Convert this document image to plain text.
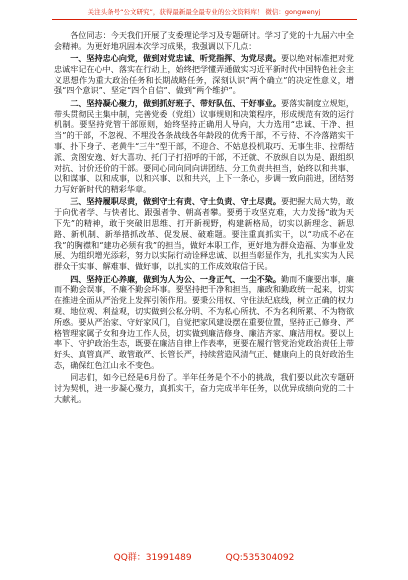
关注头条号“公文研究”，获得最新最全最专业的公文资料库！ 微信：gongwenyj

各位同志：今天我们开展了支委理论学习及专题研讨。学习了党的十九届六中全会精神。为更好地巩固本次学习成果，我强调以下几点：

一、坚持忠心向党，做到对党忠诚、听党指挥、为党尽责。要以绝对标准把对党忠诚牢记在心中、落实在行动上，始终把学懂弄通做实习近平新时代中国特色社会主义思想作为重大政治任务和长期战略任务，深刻认识“两个确立”的决定性意义，增强“四个意识”、坚定“四个自信”、做到“两个维护”。

二、坚持凝心聚力，做到抓好班子、带好队伍、干好事业。要落实制度立规矩，带头贯彻民主集中制，完善党委（党组）议事规则和决策程序，形成规范有效的运行机制。要坚持党管干部原则，始终坚持正确用人导向，大力选用“忠诚、干净、担当”的干部，不忽视、不埋没各条战线各年龄段的优秀干部，不亏待、不冷落踏实干事、扑下身子、老黄牛“三牛”型干部，不迎合、不姑息投机取巧、无事生非、拉帮结派、贪图安逸、好大喜功、托门子打招呼的干部，不迁就、不放纵自以为是、跟组织对抗、讨价还价的干部。要同心同向同向讲团结、分工负责共担当，始终以和共事、以和谋事、以和成事，以和兴事、以和共兴，上下一条心，步调一致向前进，团结努力写好新时代的精彩华章。

三、坚持履职尽责，做到守土有责、守土负责、守土尽责。要把握大局大势，敢于向优者学、与快者比、跟强者争、朝高者攀。要勇于攻坚克难，大力发扬“敢为天下先”的精神，敢于突破旧思维、打开新视野，构建新格局，切实以新理念、新思路、新机制、新举措抓改革、促发展、破难题。要注重真抓实干，以“功成不必在我”的胸襟和“建功必须有我”的担当，做好本职工作，更好地为群众造福、为事业发展、为组织增光添彩，努力以实际行动诠释忠诚、以担当彰显作为，扎扎实实为人民群众干实事、解难事、做好事，以扎实的工作成效取信于民。

四、坚持正心养廉，做到为人为公、一身正气、一尘不染。勤而不廉要出事，廉而不勤会误事，不廉不勤会坏事。要坚持把干净和担当，廉政和勤政统一起来，切实在推进全面从严治党上发挥引领作用。要秉公用权、守住法纪底线，树立正确的权力观、地位观、利益观，切实做到公私分明、不为私心所扰、不为名利所累、不为物欲所惑。要从严治家、守好家风门，自觉把家风建设摆在重要位置，坚持正己修身、严格管理家属子女和身边工作人员，切实做到廉洁修身、廉洁齐家、廉洁用权。要以上率下、守护政治生态，既要在廉洁自律上作表率，更要在履行管党治党政治责任上带好头、真管真严、敢管敢严、长管长严，持续营造风清气正、健康向上的良好政治生态，确保红色江山永不变色。

同志们，如今已经是6月份了。半年任务是个不小的挑战，我们要以此次专题研讨为契机，进一步凝心聚力，真抓实干，奋力完成半年任务，以优异成绩向党的二十大献礼。

QQ群：31991489	QQ:535304092
